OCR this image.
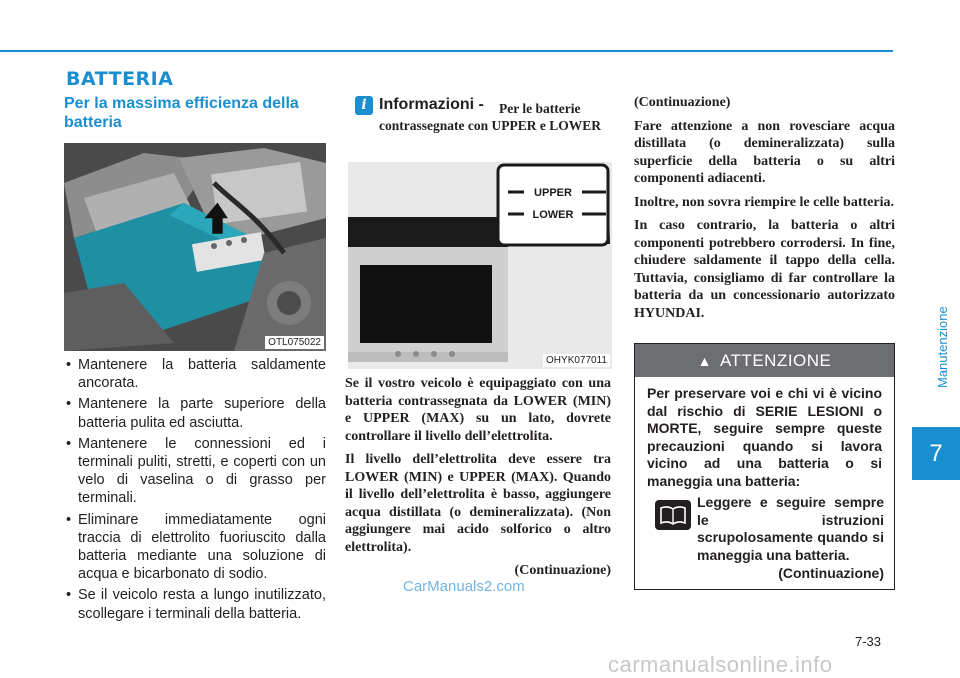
BATTERIA
Per la massima efficienza della batteria
OTL075022
• Mantenere la batteria saldamente ancorata.
• Mantenere la parte superiore della batteria pulita ed asciutta.
• Mantenere le connessioni ed i terminali puliti, stretti, e coperti con un velo di vaselina o di grasso per terminali.
• Eliminare immediatamente ogni traccia di elettrolito fuoriuscito dalla batteria mediante una soluzione di acqua e bicarbonato di sodio.
• Se il veicolo resta a lungo inutilizzato, scollegare i terminali della batteria.
i Informazioni -	Per le batterie contrassegnate con UPPER e LOWER

UPPER
LOWER
OHYK077011

Se il vostro veicolo è equipaggiato con una batteria contrassegnata da LOWER (MIN) e UPPER (MAX) su un lato, dovrete controllare il livello dell’elettrolita.

Il livello dell’elettrolita deve essere tra LOWER (MIN) e UPPER (MAX). Quando il livello dell’elettrolita è basso, aggiungere acqua distillata (o demineralizzata). (Non aggiungere mai acido solforico o altro elettrolita).

(Continuazione)

(Continuazione)

Fare attenzione a non rovesciare acqua distillata (o demineralizzata) sulla superficie della batteria o su altri componenti adiacenti.

Inoltre, non sovra riempire le celle batteria.

In caso contrario, la batteria o altri componenti potrebbero corrodersi. In fine, chiudere saldamente il tappo della cella. Tuttavia, consigliamo di far controllare la batteria da un concessionario autorizzato HYUNDAI.

▲ ATTENZIONE

Per preservare voi e chi vi è vicino dal rischio di SERIE LESIONI o MORTE, seguire sempre queste precauzioni quando si lavora vicino ad una batteria o si maneggia una batteria:

Leggere e seguire sempre le istruzioni scrupolosamente quando si maneggia una batteria.

(Continuazione)
Manutenzione
7
7-33
CarManuals2.com
carmanualsonline.info
